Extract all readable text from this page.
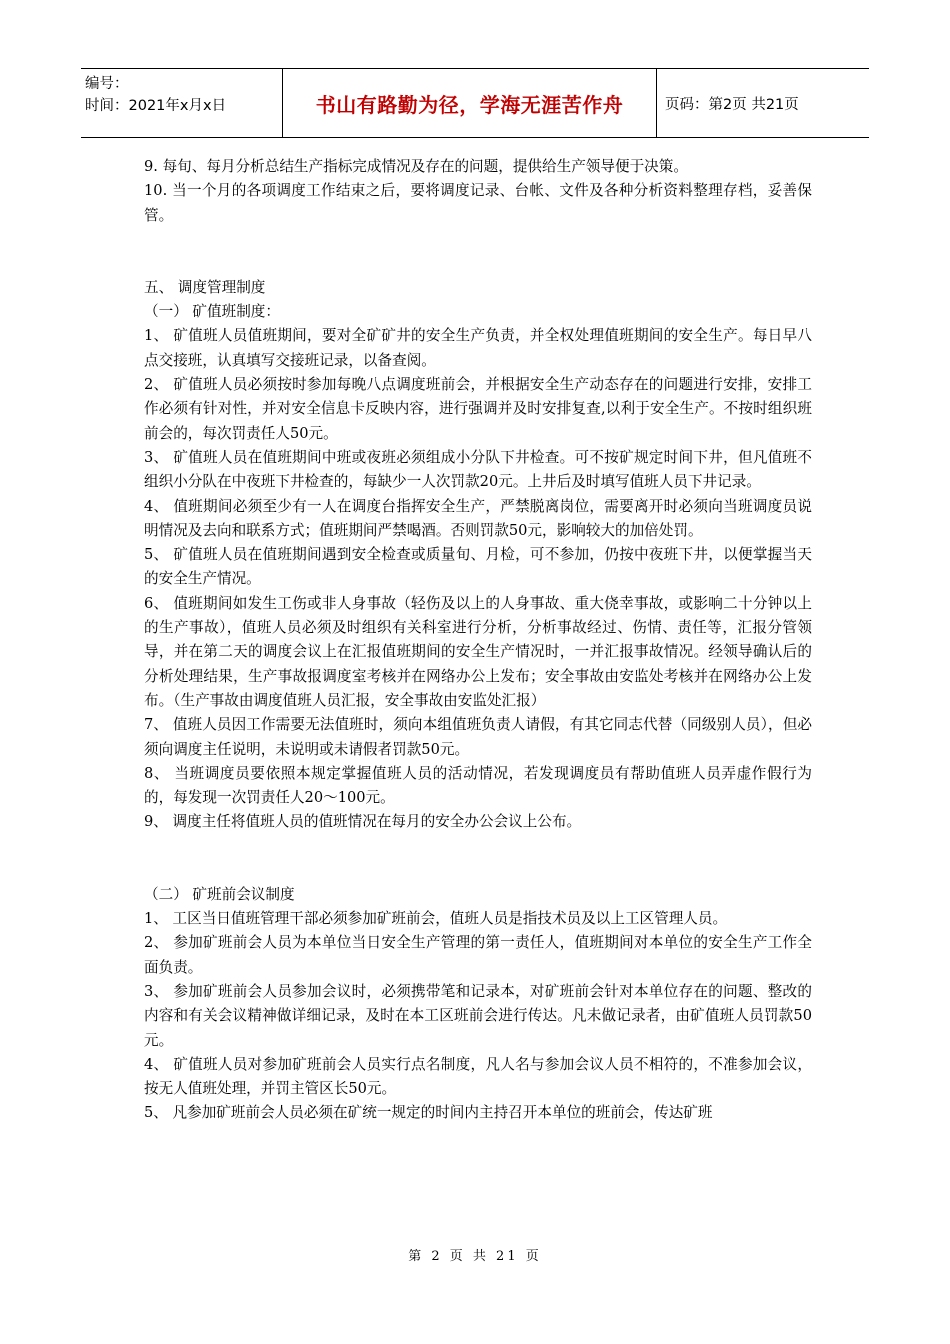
编号：
时间：2021年x月x日	书山有路勤为径，学海无涯苦作舟	页码：第2页 共21页

9. 每旬、每月分析总结生产指标完成情况及存在的问题，提供给生产领导便于决策。

10. 当一个月的各项调度工作结束之后，要将调度记录、台帐、文件及各种分析资料整理存档，妥善保管。

五、 调度管理制度

（一） 矿值班制度：

1、 矿值班人员值班期间，要对全矿矿井的安全生产负责，并全权处理值班期间的安全生产。每日早八点交接班，认真填写交接班记录，以备查阅。

2、 矿值班人员必须按时参加每晚八点调度班前会，并根据安全生产动态存在的问题进行安排，安排工作必须有针对性，并对安全信息卡反映内容，进行强调并及时安排复查,以利于安全生产。不按时组织班前会的，每次罚责任人50元。

3、 矿值班人员在值班期间中班或夜班必须组成小分队下井检查。可不按矿规定时间下井，但凡值班不组织小分队在中夜班下井检查的，每缺少一人次罚款20元。上井后及时填写值班人员下井记录。

4、 值班期间必须至少有一人在调度台指挥安全生产，严禁脱离岗位，需要离开时必须向当班调度员说明情况及去向和联系方式；值班期间严禁喝酒。否则罚款50元，影响较大的加倍处罚。

5、 矿值班人员在值班期间遇到安全检查或质量旬、月检，可不参加，仍按中夜班下井，以便掌握当天的安全生产情况。

6、 值班期间如发生工伤或非人身事故（轻伤及以上的人身事故、重大侥幸事故，或影响二十分钟以上的生产事故），值班人员必须及时组织有关科室进行分析，分析事故经过、伤情、责任等，汇报分管领导，并在第二天的调度会议上在汇报值班期间的安全生产情况时，一并汇报事故情况。经领导确认后的分析处理结果，生产事故报调度室考核并在网络办公上发布；安全事故由安监处考核并在网络办公上发布。（生产事故由调度值班人员汇报，安全事故由安监处汇报）

7、 值班人员因工作需要无法值班时，须向本组值班负责人请假，有其它同志代替（同级别人员），但必须向调度主任说明，未说明或未请假者罚款50元。

8、 当班调度员要依照本规定掌握值班人员的活动情况，若发现调度员有帮助值班人员弄虚作假行为的，每发现一次罚责任人20～100元。

9、 调度主任将值班人员的值班情况在每月的安全办公会议上公布。

（二） 矿班前会议制度

1、 工区当日值班管理干部必须参加矿班前会，值班人员是指技术员及以上工区管理人员。

2、 参加矿班前会人员为本单位当日安全生产管理的第一责任人，值班期间对本单位的安全生产工作全面负责。

3、 参加矿班前会人员参加会议时，必须携带笔和记录本，对矿班前会针对本单位存在的问题、整改的内容和有关会议精神做详细记录，及时在本工区班前会进行传达。凡未做记录者，由矿值班人员罚款50元。

4、 矿值班人员对参加矿班前会人员实行点名制度，凡人名与参加会议人员不相符的，不准参加会议，按无人值班处理，并罚主管区长50元。

5、 凡参加矿班前会人员必须在矿统一规定的时间内主持召开本单位的班前会，传达矿班

第 2 页 共 21 页
